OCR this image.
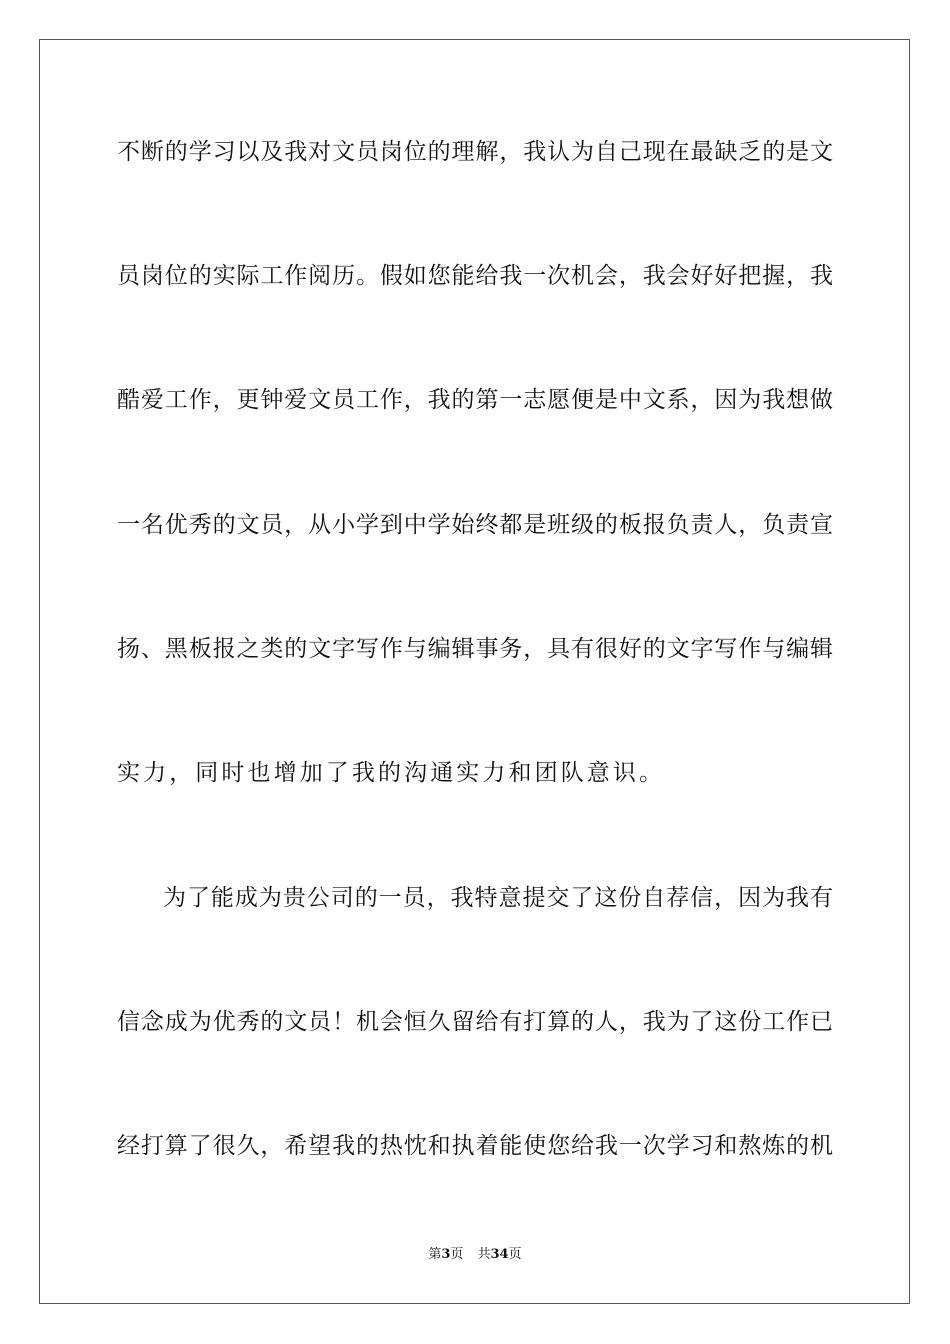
不断的学习以及我对文员岗位的理解，我认为自己现在最缺乏的是文
员岗位的实际工作阅历。假如您能给我一次机会，我会好好把握，我
酷爱工作，更钟爱文员工作，我的第一志愿便是中文系，因为我想做
一名优秀的文员，从小学到中学始终都是班级的板报负责人，负责宣
扬、黑板报之类的文字写作与编辑事务，具有很好的文字写作与编辑
实力，同时也增加了我的沟通实力和团队意识。
为了能成为贵公司的一员，我特意提交了这份自荐信，因为我有
信念成为优秀的文员！机会恒久留给有打算的人，我为了这份工作已
经打算了很久，希望我的热忱和执着能使您给我一次学习和熬炼的机
第3页 共34页
